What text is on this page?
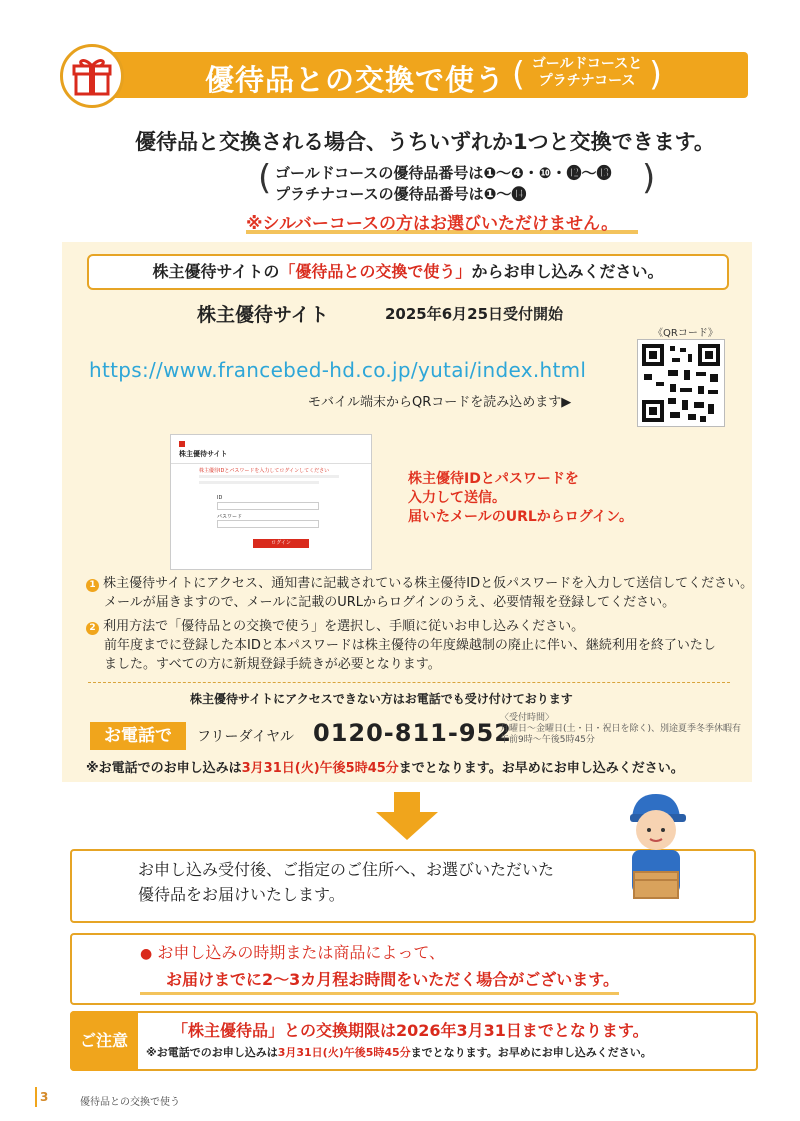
優待品との交換で使う
(	ゴールドコースと
プラチナコース
)
優待品と交換される場合、うちいずれか1つと交換できます。
( ゴールドコースの優待品番号は❶〜❹・❿・⓬〜⓭
プラチナコースの優待品番号は❶〜⓮	)
※シルバーコースの方はお選びいただけません。
株主優待サイトの「優待品との交換で使う」からお申し込みください。
株主優待サイト	2025年6月25日受付開始
https://www.francebed-hd.co.jp/yutai/index.html
《QRコード》
モバイル端末からQRコードを読み込めます▶
株主優待サイト
株主優待IDとパスワードを入力してログインしてください
ID
パスワード
ログイン
株主優待IDとパスワードを
入力して送信。
届いたメールのURLからログイン。
1 株主優待サイトにアクセス、通知書に記載されている株主優待IDと仮パスワードを入力して送信してください。
メールが届きますので、メールに記載のURLからログインのうえ、必要情報を登録してください。
2 利用方法で「優待品との交換で使う」を選択し、手順に従いお申し込みください。
前年度までに登録した本IDと本パスワードは株主優待の年度繰越制の廃止に伴い、継続利用を終了いたし
ました。すべての方に新規登録手続きが必要となります。
株主優待サイトにアクセスできない方はお電話でも受け付けております
お電話で	フリーダイヤル 0120-811-952
〈受付時間〉
月曜日〜金曜日(土・日・祝日を除く)、別途夏季冬季休暇有
午前9時〜午後5時45分
※お電話でのお申し込みは3月31日(火)午後5時45分までとなります。お早めにお申し込みください。
お申し込み受付後、ご指定のご住所へ、お選びいただいた
優待品をお届けいたします。
● お申し込みの時期または商品によって、
お届けまでに2〜3カ月程お時間をいただく場合がございます。
ご注意
「株主優待品」との交換期限は2026年3月31日までとなります。
※お電話でのお申し込みは3月31日(火)午後5時45分までとなります。お早めにお申し込みください。
3	優待品との交換で使う
